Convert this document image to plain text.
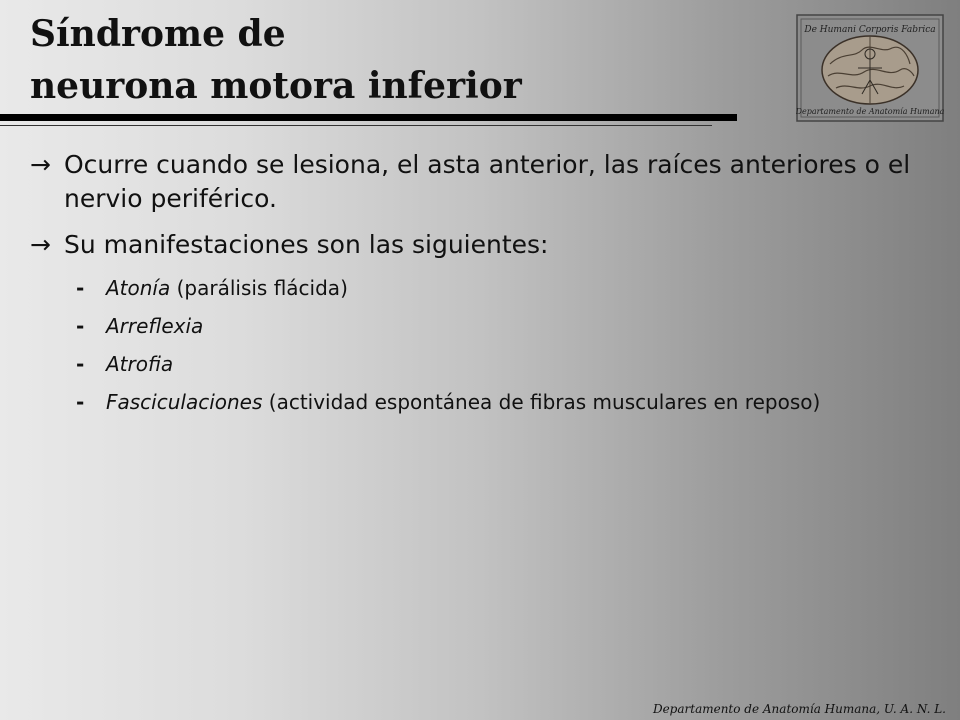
Síndrome de
neurona motora inferior
De Humani Corporis Fabrica
Departamento de Anatomía Humana
→ Ocurre cuando se lesiona, el asta anterior, las raíces anteriores o el nervio periférico.
→ Su manifestaciones son las siguientes:
- Atonía (parálisis flácida)
- Arreflexia
- Atrofia
- Fasciculaciones (actividad espontánea de fibras musculares en reposo)
Departamento de Anatomía Humana, U. A. N. L.
